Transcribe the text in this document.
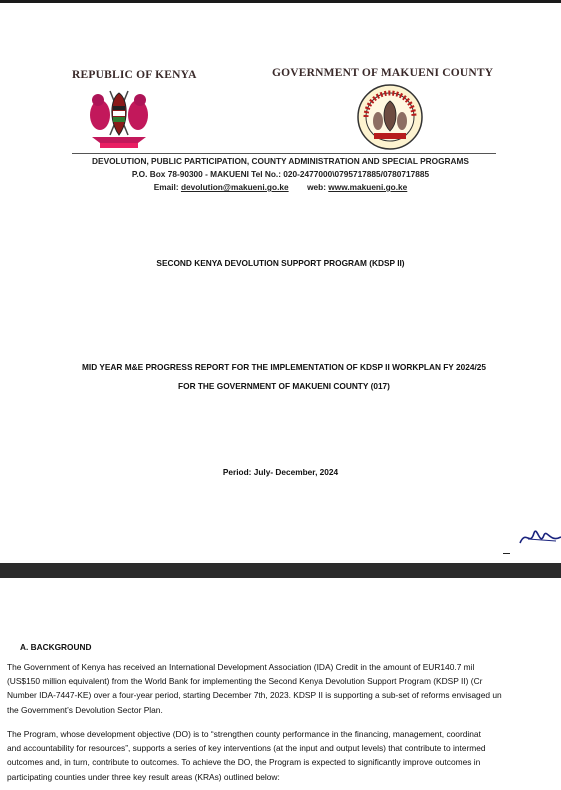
REPUBLIC OF KENYA	GOVERNMENT OF MAKUENI COUNTY
DEVOLUTION, PUBLIC PARTICIPATION, COUNTY ADMINISTRATION AND SPECIAL PROGRAMS
P.O. Box 78-90300 - MAKUENI Tel No.: 020-2477000\0795717885/0780717885
Email: devolution@makueni.go.ke web: www.makueni.go.ke
SECOND KENYA DEVOLUTION SUPPORT PROGRAM (KDSP II)
MID YEAR M&E PROGRESS REPORT FOR THE IMPLEMENTATION OF KDSP II WORKPLAN FY 2024/25
FOR THE GOVERNMENT OF MAKUENI COUNTY (017)
Period: July- December, 2024
A. BACKGROUND
The Government of Kenya has received an International Development Association (IDA) Credit in the amount of EUR140.7 mil
(US$150 million equivalent) from the World Bank for implementing the Second Kenya Devolution Support Program (KDSP II) (Cr
Number IDA-7447-KE) over a four-year period, starting December 7th, 2023. KDSP II is supporting a sub-set of reforms envisaged un
the Government’s Devolution Sector Plan.
The Program, whose development objective (DO) is to “strengthen county performance in the financing, management, coordinat
and accountability for resources”, supports a series of key interventions (at the input and output levels) that contribute to intermed
outcomes and, in turn, contribute to outcomes. To achieve the DO, the Program is expected to significantly improve outcomes in
participating counties under three key result areas (KRAs) outlined below:
